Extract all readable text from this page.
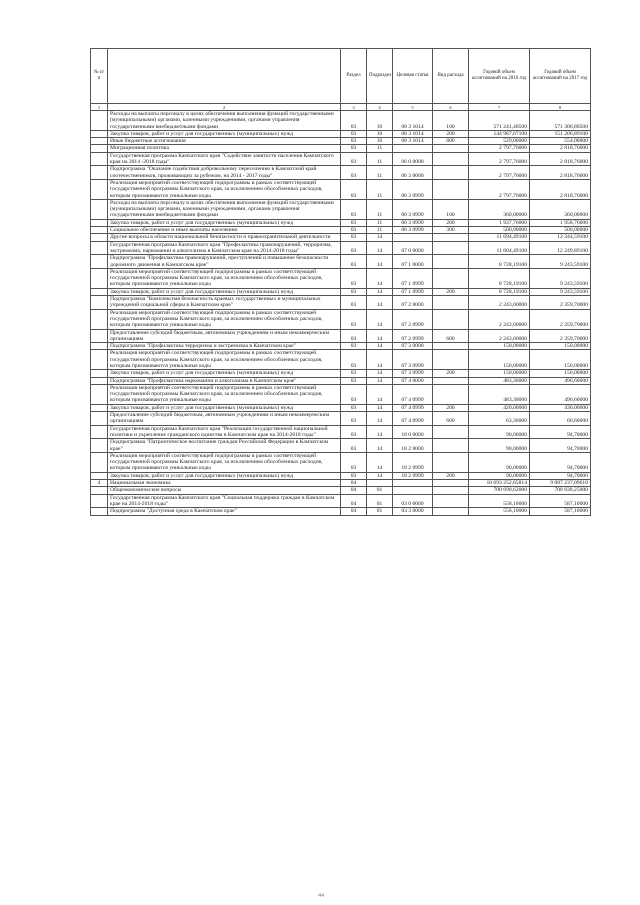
№ п/п		Раздел	Подраздел	Целевая статья	Вид расхода	Годовой объем ассигнований на 2016 год	Годовой объем ассигнований на 2017 год
1	2	3	4	5	6	7	8
	Расходы на выплаты персоналу в целях обеспечения выполнения функций государственными (муниципальными) органами, казенными учреждениями, органами управления государственными внебюджетными фондами	03	10	08 3 1014	100	571 241,48500	571 306,88500
	Закупка товаров, работ и услуг для государственных (муниципальных) нужд	03	10	08 3 1014	200	144 987,67100	151 206,89100
	Иные бюджетные ассигнования	03	10	08 3 1014	800	529,00000	554,00000
	Миграционная политика	03	11			2 797,76000	2 818,76000
	Государственная программа Камчатского края "Содействие занятости населения Камчатского края на 2014 -2018 годы"	03	11	06 0 0000		2 797,76000	2 818,76000
	Подпрограмма "Оказание содействия добровольному переселению в Камчатский край соотечественников, проживающих за рубежом, на 2014 - 2017 годы"	03	11	06 3 0000		2 797,76000	2 818,76000
	Реализация мероприятий соответствующей подпрограммы в рамках соответствующей государственной программы Камчатского края, за исключением обособленных расходов, которым присваиваются уникальные коды	03	11	06 3 0999		2 797,76000	2 818,76000
	Расходы на выплаты персоналу в целях обеспечения выполнения функций государственными (муниципальными) органами, казенными учреждениями, органами управления государственными внебюджетными фондами	03	11	06 3 0999	100	360,00000	360,00000
	Закупка товаров, работ и услуг для государственных (муниципальных) нужд	03	11	06 3 0999	200	1 937,76000	1 958,76000
	Социальное обеспечение и иные выплаты населению	03	11	06 3 0999	300	500,00000	500,00000
	Другие вопросы в области национальной безопасности и правоохранительной деятельности	03	14			11 694,49100	12 344,59100
	Государственная программа Камчатского края "Профилактика правонарушений, терроризма, экстремизма, наркомании и алкоголизма в Камчатском крае на 2014-2018 годы"	03	14	07 0 0000		11 604,49100	12 249,89100
	Подпрограмма "Профилактика правонарушений, преступлений и повышение безопасности дорожного движения в Камчатском крае"	03	14	07 1 0000		8 728,19100	9 243,59100
	Реализация мероприятий соответствующей подпрограммы в рамках соответствующей государственной программы Камчатского края, за исключением обособленных расходов, которым присваиваются уникальные коды	03	14	07 1 0999		8 728,19100	9 243,59100
	Закупка товаров, работ и услуг для государственных (муниципальных) нужд	03	14	07 1 0999	200	8 728,19100	9 243,59100
	Подпрограмма "Комплексная безопасность краевых государственных и муниципальных учреждений социальной сферы в Камчатском крае"	03	14	07 2 0000		2 243,00000	2 359,70000
	Реализация мероприятий соответствующей подпрограммы в рамках соответствующей государственной программы Камчатского края, за исключением обособленных расходов, которым присваиваются уникальные коды	03	14	07 2 0999		2 243,00000	2 359,70000
	Предоставление субсидий бюджетным, автономным учреждениям и иным некоммерческим организациям	03	14	07 2 0999	600	2 243,00000	2 359,70000
	Подпрограмма "Профилактика терроризма и экстремизма в Камчатском крае"	03	14	07 3 0000		150,00000	150,00000
	Реализация мероприятий соответствующей подпрограммы в рамках соответствующей государственной программы Камчатского края, за исключением обособленных расходов, которым присваиваются уникальные коды	03	14	07 3 0999		150,00000	150,00000
	Закупка товаров, работ и услуг для государственных (муниципальных) нужд	03	14	07 3 0999	200	150,00000	150,00000
	Подпрограмма "Профилактика наркомании и алкоголизма в Камчатском крае"	03	14	07 4 0000		483,30000	496,60000
	Реализация мероприятий соответствующей подпрограммы в рамках соответствующей государственной программы Камчатского края, за исключением обособленных расходов, которым присваиваются уникальные коды	03	14	07 4 0999		483,30000	496,60000
	Закупка товаров, работ и услуг для государственных (муниципальных) нужд	03	14	07 4 0999	200	420,00000	430,00000
	Предоставление субсидий бюджетным, автономным учреждениям и иным некоммерческим организациям	03	14	07 4 0999	600	63,30000	66,60000
	Государственная программа Камчатского края "Реализация государственной национальной политики и укрепление гражданского единства в Камчатском крае на 2014-2018 годы"	03	14	18 0 0000		90,00000	94,70000
	Подпрограмма "Патриотическое воспитание граждан Российской Федерации в Камчатском крае"	03	14	18 2 0000		90,00000	94,70000
	Реализация мероприятий соответствующей подпрограммы в рамках соответствующей государственной программы Камчатского края, за исключением обособленных расходов, которым присваиваются уникальные коды	03	14	18 2 0999		90,00000	94,70000
	Закупка товаров, работ и услуг для государственных (муниципальных) нужд	03	14	18 2 0999	200	90,00000	94,70000
4	Национальная экономика	04				10 693 252,65814	9 087 237,09610
	Общеэкономические вопросы	04	01			700 690,62000	708 838,25000
	Государственная программа Камчатского края "Социальная поддержка граждан в Камчатском крае на 2014-2018 годы"	04	01	03 0 0000		558,10000	587,10000
	Подпрограмма "Доступная среда в Камчатском крае"	04	01	03 3 0000		558,10000	587,10000
44
